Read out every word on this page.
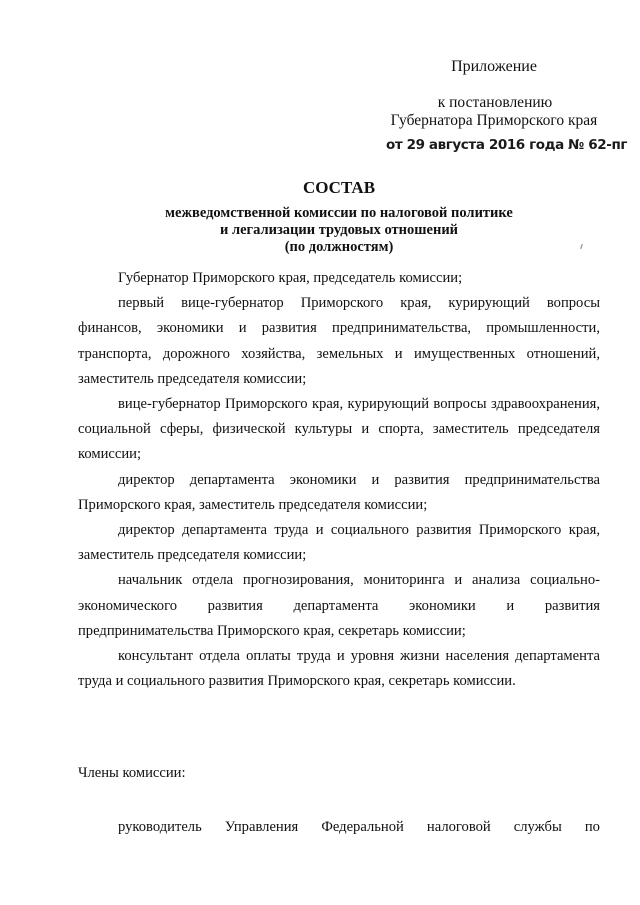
Приложение
к постановлению
Губернатора Приморского края
от 29 августа 2016 года № 62-пг
СОСТАВ
межведомственной комиссии по налоговой политике
и легализации трудовых отношений
(по должностям)

Губернатор Приморского края, председатель комиссии;

первый вице-губернатор Приморского края, курирующий вопросы финансов, экономики и развития предпринимательства, промышленности, транспорта, дорожного хозяйства, земельных и имущественных отношений, заместитель председателя комиссии;

вице-губернатор Приморского края, курирующий вопросы здравоохранения, социальной сферы, физической культуры и спорта, заместитель председателя комиссии;

директор департамента экономики и развития предпринимательства Приморского края, заместитель председателя комиссии;

директор департамента труда и социального развития Приморского края, заместитель председателя комиссии;

начальник отдела прогнозирования, мониторинга и анализа социально-экономического развития департамента экономики и развития предпринимательства Приморского края, секретарь комиссии;

консультант отдела оплаты труда и уровня жизни населения департамента труда и социального развития Приморского края, секретарь комиссии.

Члены комиссии:
руководитель Управления Федеральной налоговой службы по
